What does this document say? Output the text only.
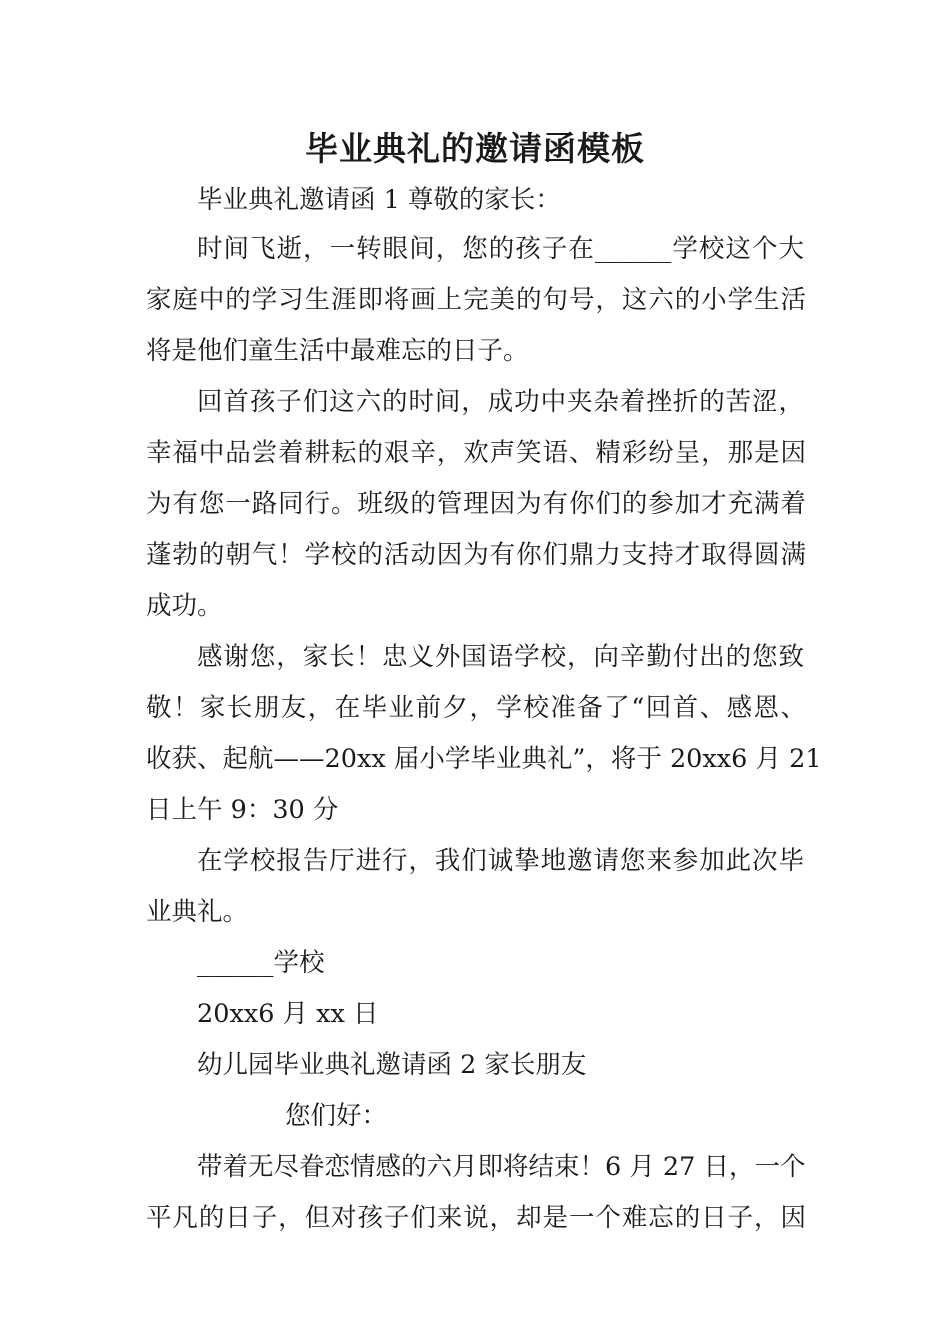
毕业典礼的邀请函模板
毕业典礼邀请函 1 尊敬的家长：
时间飞逝，一转眼间，您的孩子在______学校这个大
家庭中的学习生涯即将画上完美的句号，这六的小学生活
将是他们童生活中最难忘的日子。
回首孩子们这六的时间，成功中夹杂着挫折的苦涩，
幸福中品尝着耕耘的艰辛，欢声笑语、精彩纷呈，那是因
为有您一路同行。班级的管理因为有你们的参加才充满着
蓬勃的朝气！学校的活动因为有你们鼎力支持才取得圆满
成功。
感谢您，家长！忠义外国语学校，向辛勤付出的您致
敬！家长朋友，在毕业前夕，学校准备了“回首、感恩、
收获、起航——20xx 届小学毕业典礼”，将于 20xx6 月 21
日上午 9：30 分
在学校报告厅进行，我们诚挚地邀请您来参加此次毕
业典礼。
______学校
20xx6 月 xx 日
幼儿园毕业典礼邀请函 2 家长朋友
您们好：
带着无尽眷恋情感的六月即将结束！6 月 27 日，一个
平凡的日子，但对孩子们来说，却是一个难忘的日子，因
